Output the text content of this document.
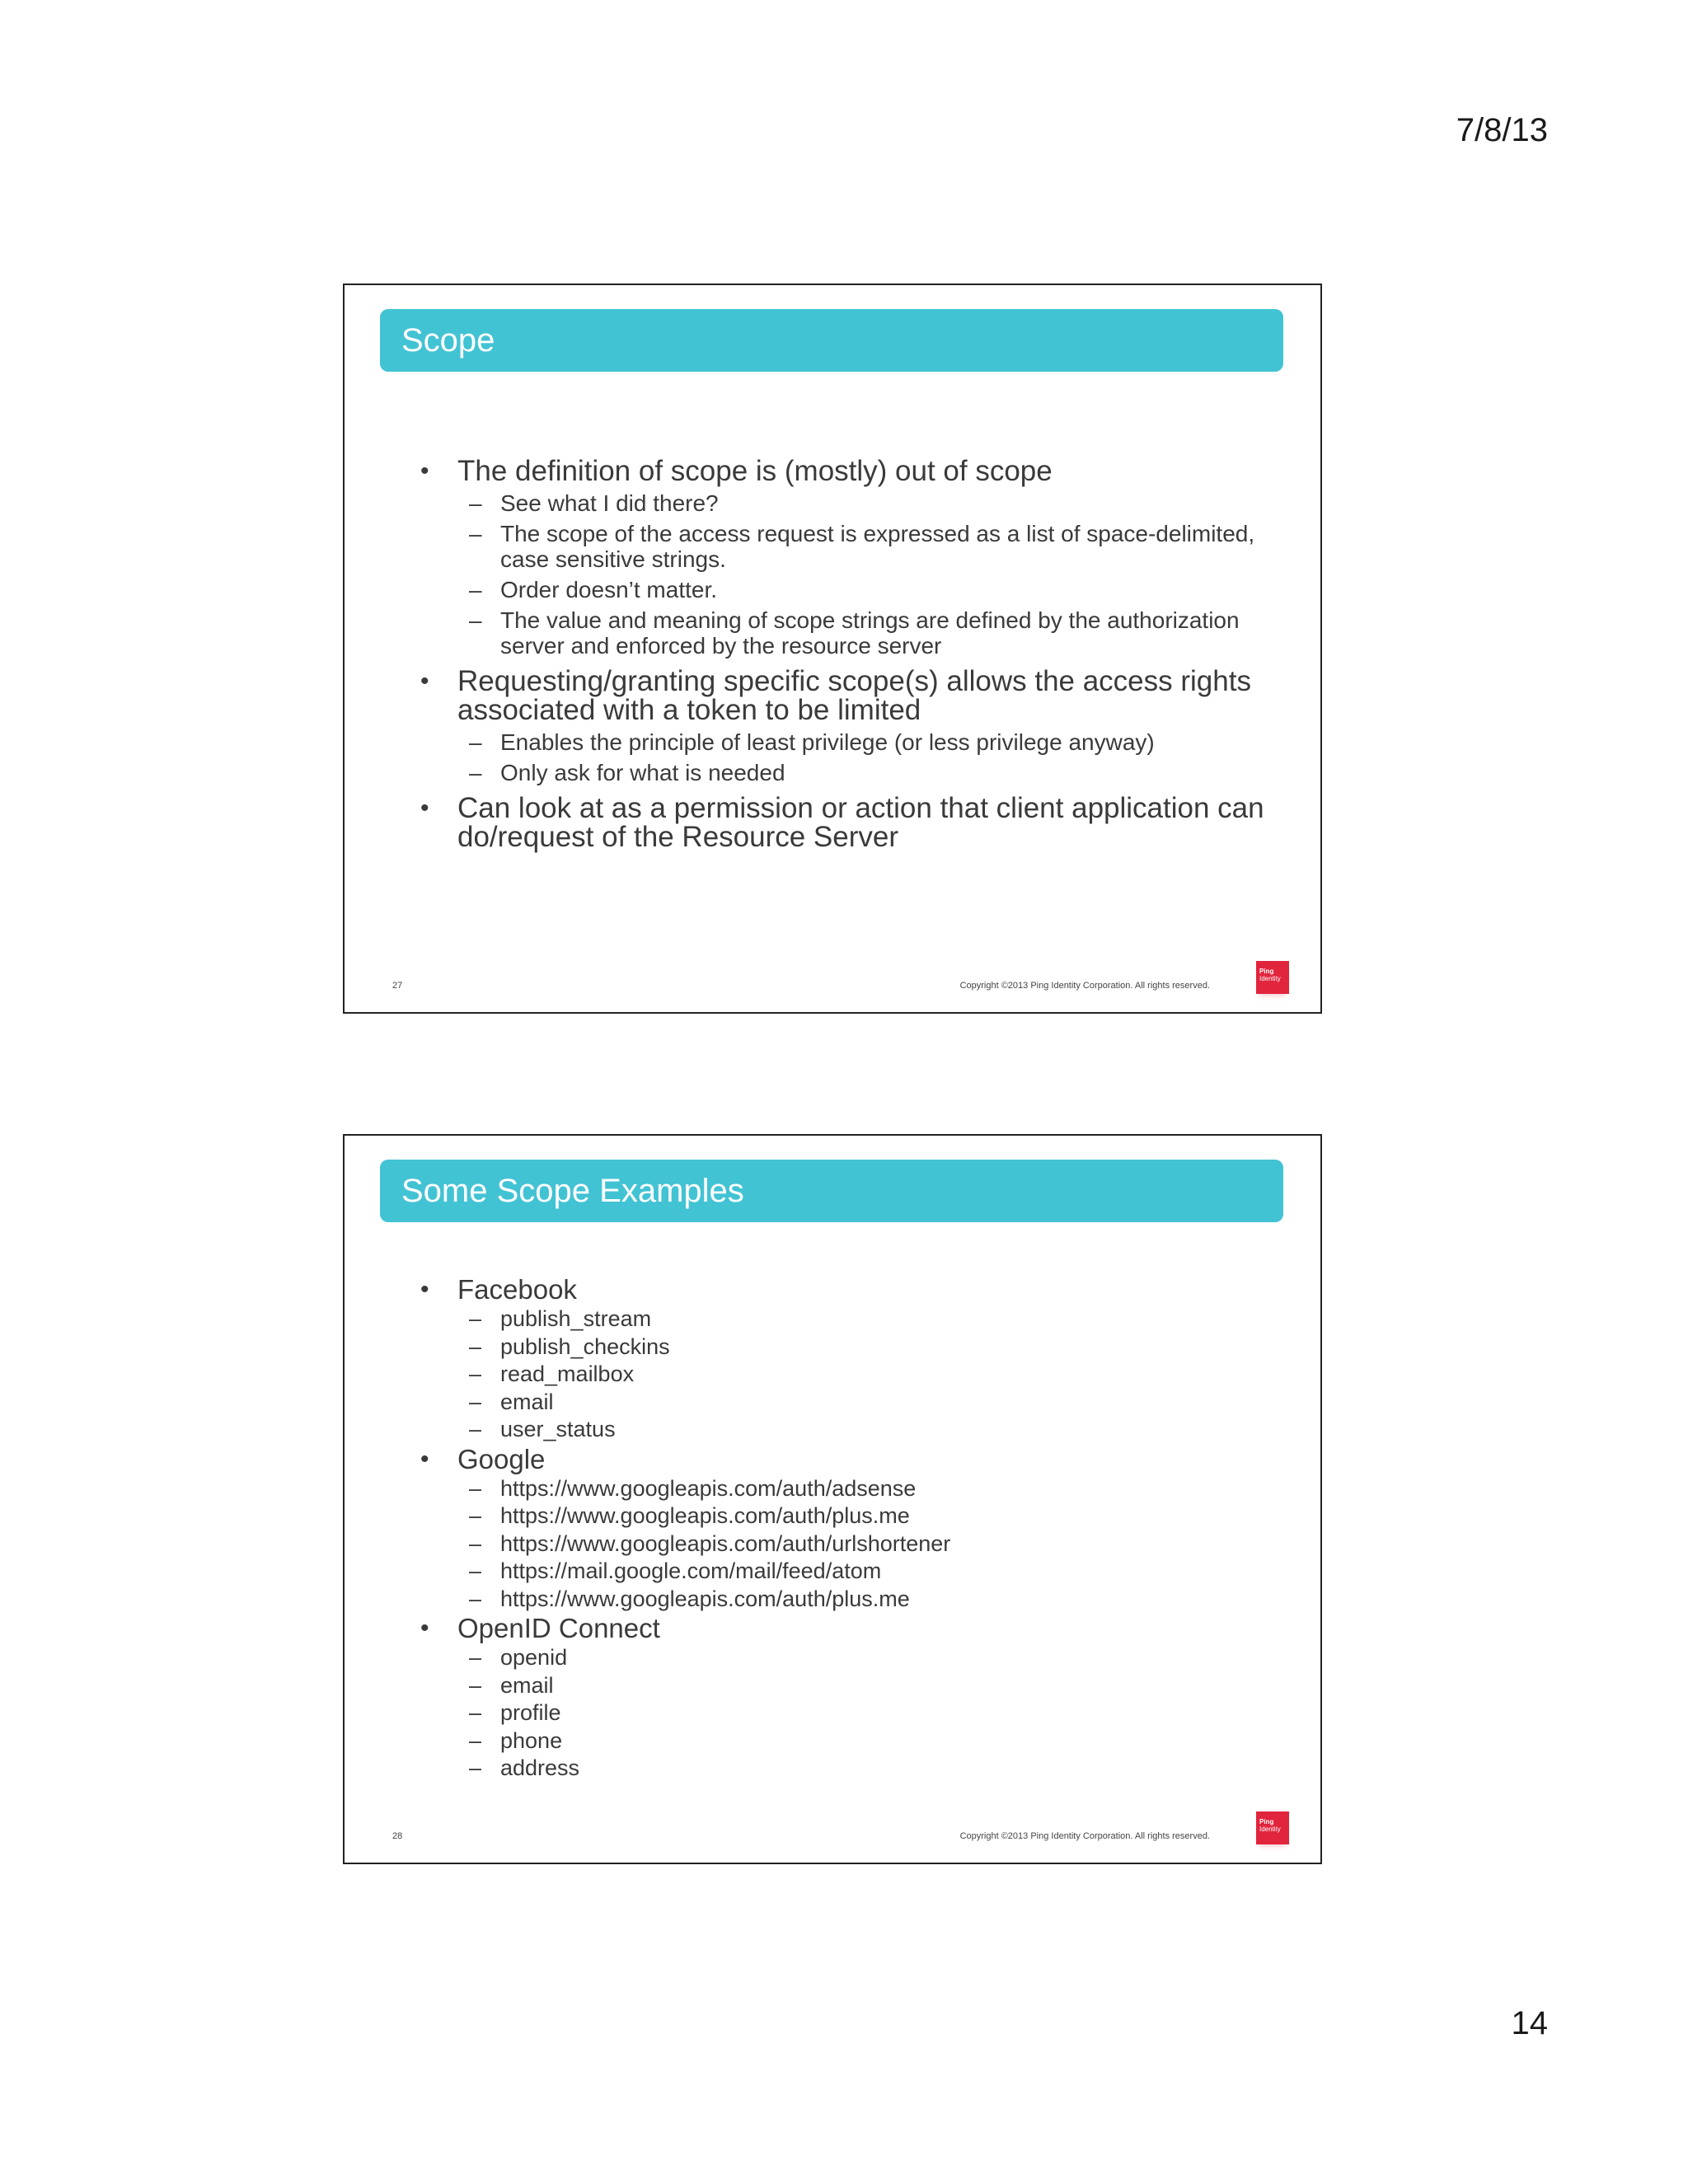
7/8/13
Scope
• The definition of scope is (mostly) out of scope
– See what I did there?
– The scope of the access request is expressed as a list of space-delimited, case sensitive strings.
– Order doesn’t matter.
– The value and meaning of scope strings are defined by the authorization server and enforced by the resource server
• Requesting/granting specific scope(s) allows the access rights associated with a token to be limited
– Enables the principle of least privilege (or less privilege anyway)
– Only ask for what is needed
• Can look at as a permission or action that client application can do/request of the Resource Server
27	Copyright ©2013 Ping Identity Corporation. All rights reserved.
Ping
Identity
Some Scope Examples
• Facebook
– publish_stream
– publish_checkins
– read_mailbox
– email
– user_status
• Google
– https://www.googleapis.com/auth/adsense
– https://www.googleapis.com/auth/plus.me
– https://www.googleapis.com/auth/urlshortener
– https://mail.google.com/mail/feed/atom
– https://www.googleapis.com/auth/plus.me
• OpenID Connect
– openid
– email
– profile
– phone
– address
28	Copyright ©2013 Ping Identity Corporation. All rights reserved.
Ping
Identity
14
